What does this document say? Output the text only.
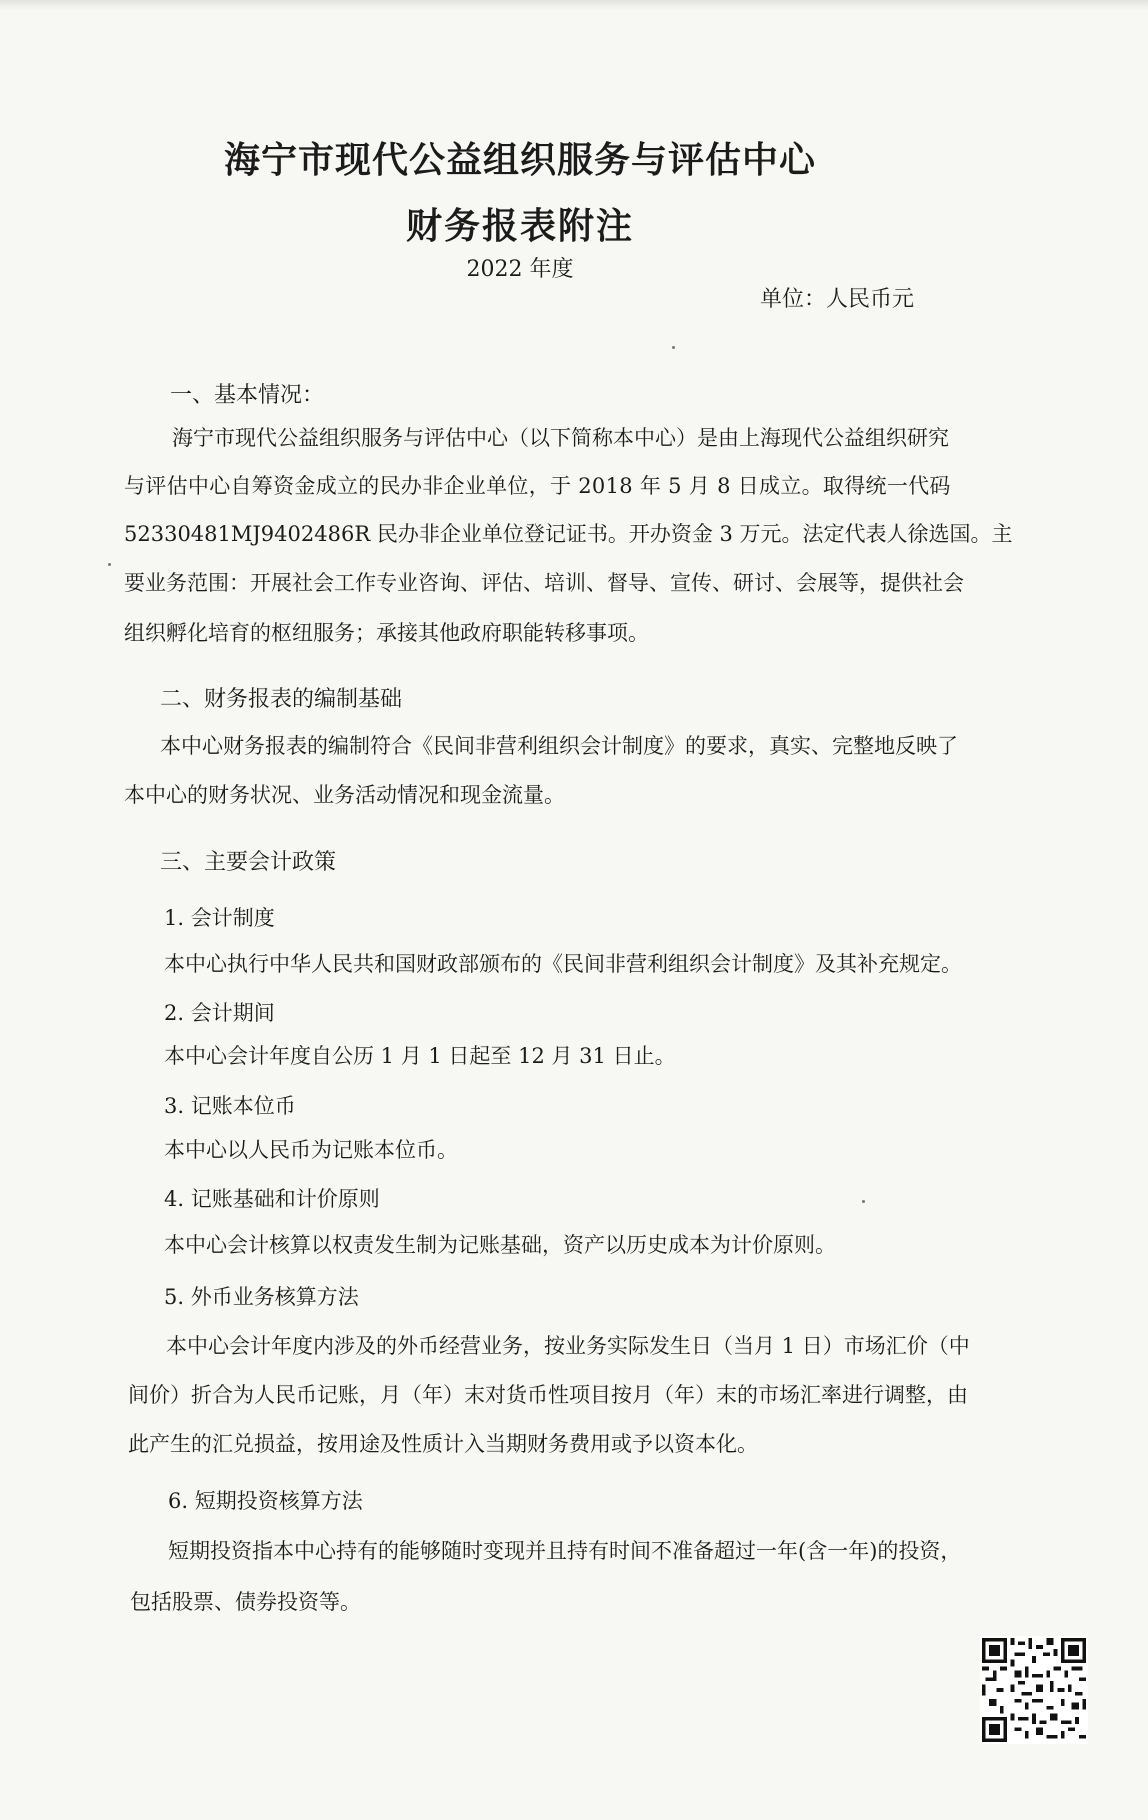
海宁市现代公益组织服务与评估中心
财务报表附注
2022 年度
单位：人民币元
一、基本情况：
海宁市现代公益组织服务与评估中心（以下简称本中心）是由上海现代公益组织研究
与评估中心自筹资金成立的民办非企业单位，于 2018 年 5 月 8 日成立。取得统一代码
52330481MJ9402486R 民办非企业单位登记证书。开办资金 3 万元。法定代表人徐选国。主
要业务范围：开展社会工作专业咨询、评估、培训、督导、宣传、研讨、会展等，提供社会
组织孵化培育的枢纽服务；承接其他政府职能转移事项。
二、财务报表的编制基础
本中心财务报表的编制符合《民间非营利组织会计制度》的要求，真实、完整地反映了
本中心的财务状况、业务活动情况和现金流量。
三、主要会计政策
1. 会计制度
本中心执行中华人民共和国财政部颁布的《民间非营利组织会计制度》及其补充规定。
2. 会计期间
本中心会计年度自公历 1 月 1 日起至 12 月 31 日止。
3. 记账本位币
本中心以人民币为记账本位币。
4. 记账基础和计价原则
本中心会计核算以权责发生制为记账基础，资产以历史成本为计价原则。
5. 外币业务核算方法
本中心会计年度内涉及的外币经营业务，按业务实际发生日（当月 1 日）市场汇价（中
间价）折合为人民币记账，月（年）末对货币性项目按月（年）末的市场汇率进行调整，由
此产生的汇兑损益，按用途及性质计入当期财务费用或予以资本化。
6. 短期投资核算方法
短期投资指本中心持有的能够随时变现并且持有时间不准备超过一年(含一年)的投资，
包括股票、债券投资等。
